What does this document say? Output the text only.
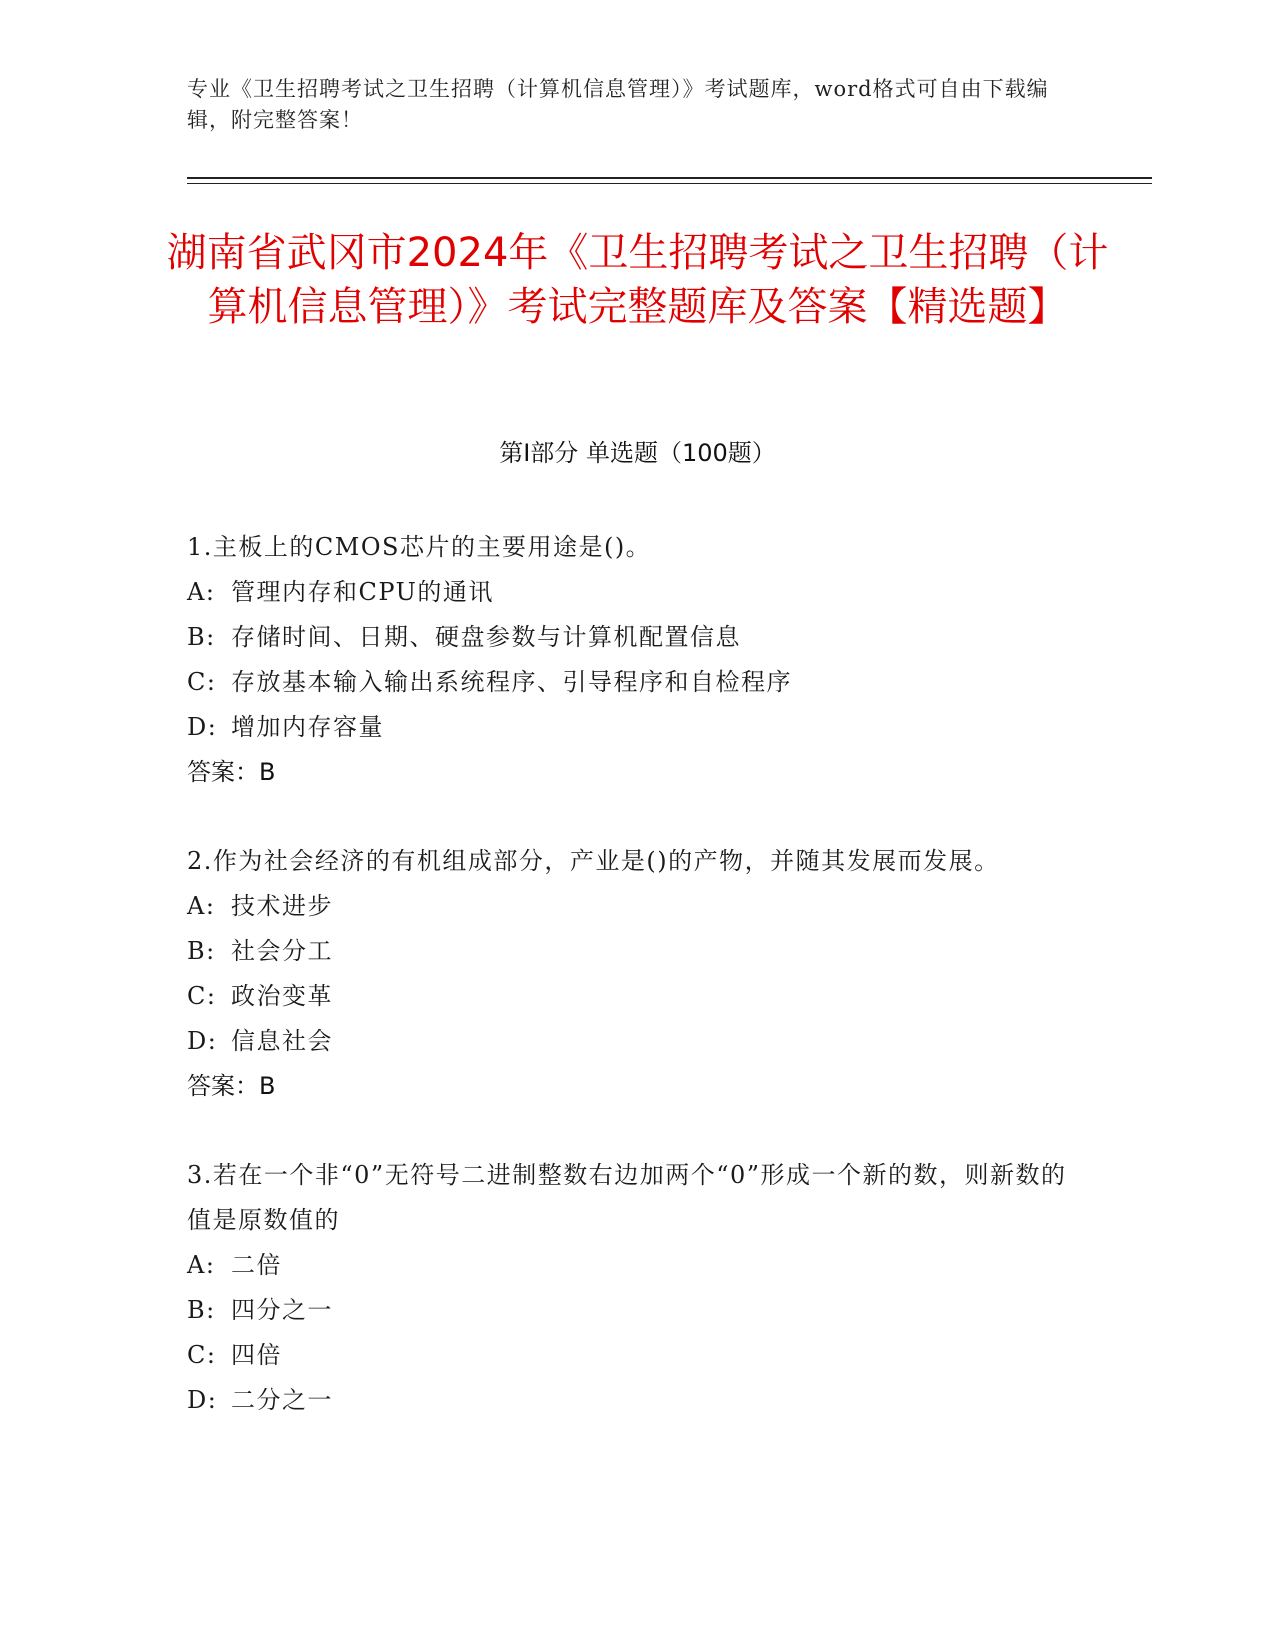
专业《卫生招聘考试之卫生招聘（计算机信息管理）》考试题库，word格式可自由下载编辑，附完整答案！
湖南省武冈市2024年《卫生招聘考试之卫生招聘（计算机信息管理）》考试完整题库及答案【精选题】
第I部分 单选题（100题）
1.主板上的CMOS芯片的主要用途是()。
A: 管理内存和CPU的通讯
B: 存储时间、日期、硬盘参数与计算机配置信息
C: 存放基本输入输出系统程序、引导程序和自检程序
D: 增加内存容量
答案：B
2.作为社会经济的有机组成部分，产业是()的产物，并随其发展而发展。
A: 技术进步
B: 社会分工
C: 政治变革
D: 信息社会
答案：B
3.若在一个非“0”无符号二进制整数右边加两个“0”形成一个新的数，则新数的值是原数值的
A: 二倍
B: 四分之一
C: 四倍
D: 二分之一
